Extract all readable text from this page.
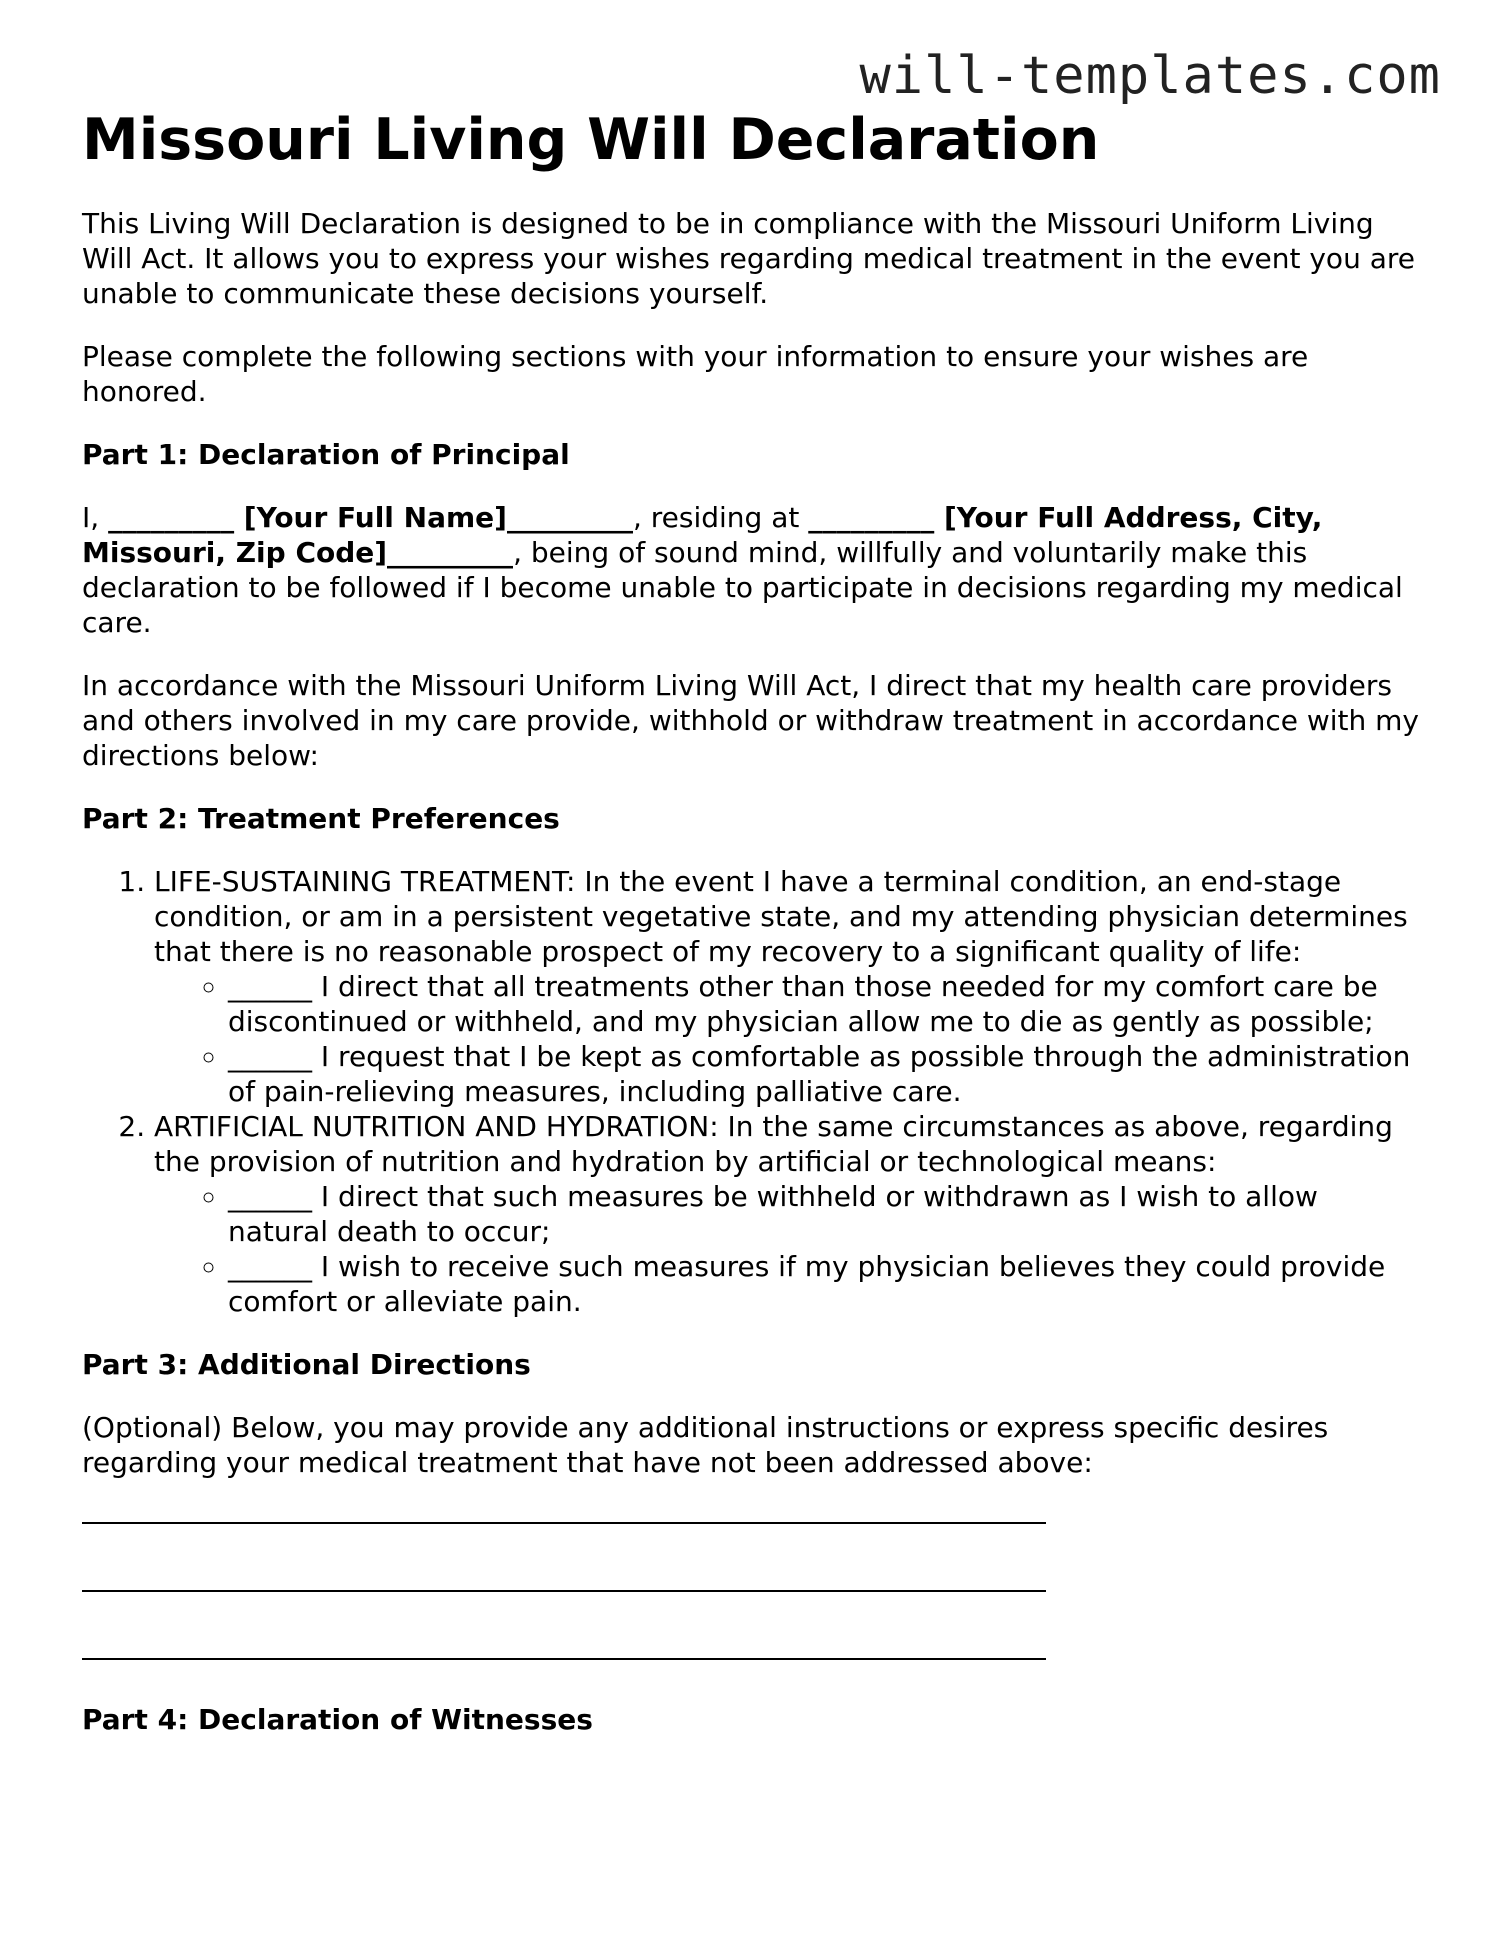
will-templates.com
Missouri Living Will Declaration

This Living Will Declaration is designed to be in compliance with the Missouri Uniform Living Will Act. It allows you to express your wishes regarding medical treatment in the event you are unable to communicate these decisions yourself.

Please complete the following sections with your information to ensure your wishes are honored.

Part 1: Declaration of Principal

I, _________ [Your Full Name]_________, residing at _________ [Your Full Address, City, Missouri, Zip Code]_________, being of sound mind, willfully and voluntarily make this declaration to be followed if I become unable to participate in decisions regarding my medical care.

In accordance with the Missouri Uniform Living Will Act, I direct that my health care providers and others involved in my care provide, withhold or withdraw treatment in accordance with my directions below:

Part 2: Treatment Preferences

1. LIFE-SUSTAINING TREATMENT: In the event I have a terminal condition, an end-stage condition, or am in a persistent vegetative state, and my attending physician determines that there is no reasonable prospect of my recovery to a significant quality of life:
◦ ______ I direct that all treatments other than those needed for my comfort care be discontinued or withheld, and my physician allow me to die as gently as possible;
◦ ______ I request that I be kept as comfortable as possible through the administration of pain-relieving measures, including palliative care.
2. ARTIFICIAL NUTRITION AND HYDRATION: In the same circumstances as above, regarding the provision of nutrition and hydration by artificial or technological means:
◦ ______ I direct that such measures be withheld or withdrawn as I wish to allow natural death to occur;
◦ ______ I wish to receive such measures if my physician believes they could provide comfort or alleviate pain.

Part 3: Additional Directions

(Optional) Below, you may provide any additional instructions or express specific desires regarding your medical treatment that have not been addressed above:

Part 4: Declaration of Witnesses
